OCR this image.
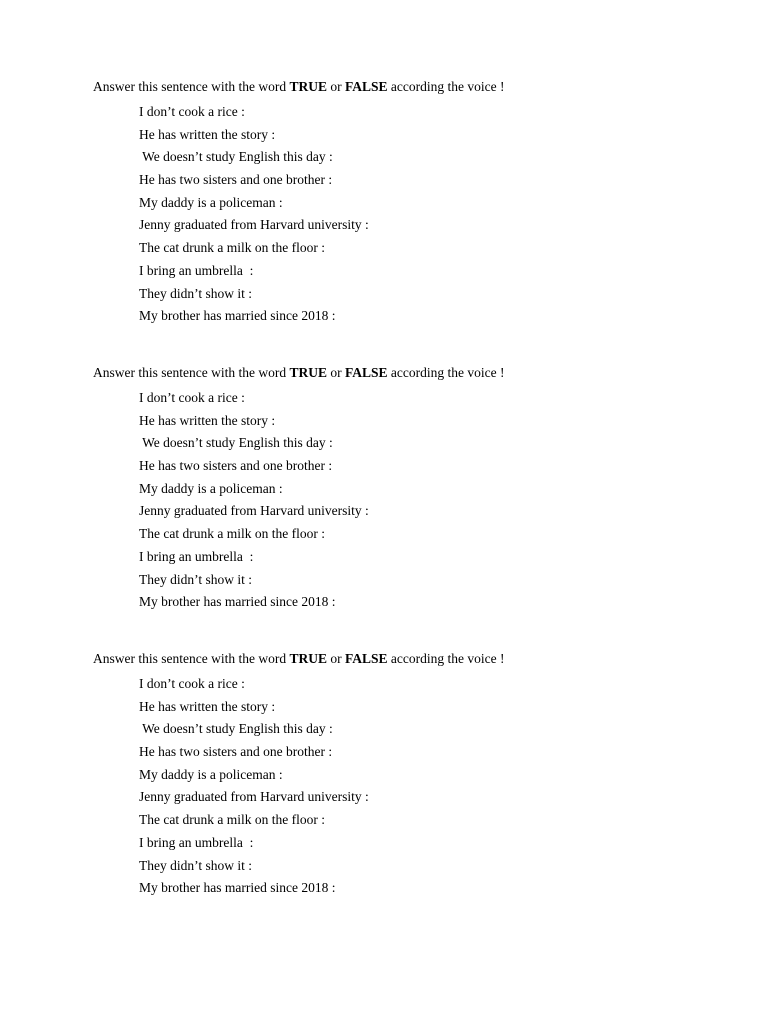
Answer this sentence with the word TRUE or FALSE according the voice !
I don’t cook a rice :
He has written the story :
We doesn’t study English this day :
He has two sisters and one brother :
My daddy is a policeman :
Jenny graduated from Harvard university :
The cat drunk a milk on the floor :
I bring an umbrella  :
They didn’t show it :
My brother has married since 2018 :
Answer this sentence with the word TRUE or FALSE according the voice !
I don’t cook a rice :
He has written the story :
We doesn’t study English this day :
He has two sisters and one brother :
My daddy is a policeman :
Jenny graduated from Harvard university :
The cat drunk a milk on the floor :
I bring an umbrella  :
They didn’t show it :
My brother has married since 2018 :
Answer this sentence with the word TRUE or FALSE according the voice !
I don’t cook a rice :
He has written the story :
We doesn’t study English this day :
He has two sisters and one brother :
My daddy is a policeman :
Jenny graduated from Harvard university :
The cat drunk a milk on the floor :
I bring an umbrella  :
They didn’t show it :
My brother has married since 2018 :
